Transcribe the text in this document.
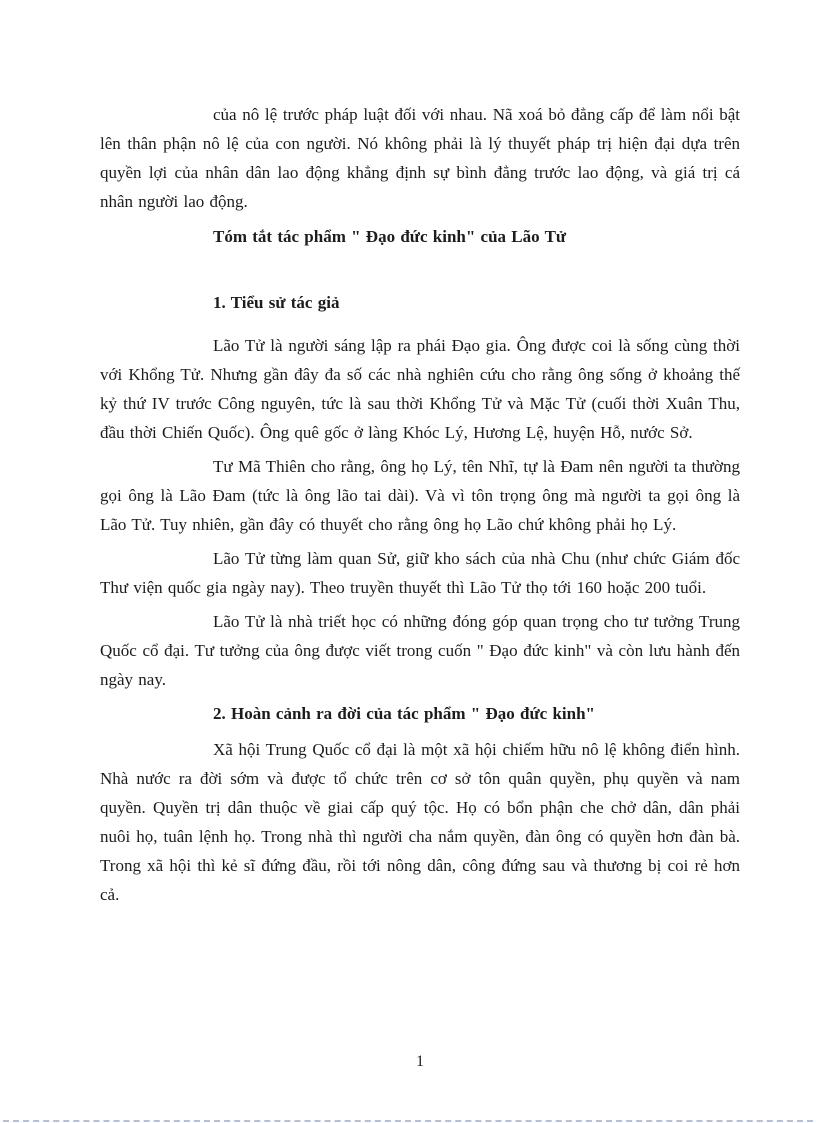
của nô lệ trước pháp luật đối với nhau. Nã xoá bỏ đẳng cấp để làm nổi bật lên thân phận nô lệ của con người. Nó không phải là lý thuyết pháp trị hiện đại dựa trên quyền lợi của nhân dân lao động khẳng định sự bình đẳng trước lao động, và giá trị cá nhân người lao động.

Tóm tắt tác phẩm " Đạo đức kinh" của Lão Tử

1. Tiểu sử tác giả

Lão Tử là người sáng lập ra phái Đạo gia. Ông được coi là sống cùng thời với Khổng Tử. Nhưng gần đây đa số các nhà nghiên cứu cho rằng ông sống ở khoảng thế kỷ thứ IV trước Công nguyên, tức là sau thời Khổng Tử và Mặc Tử (cuối thời Xuân Thu, đầu thời Chiến Quốc). Ông quê gốc ở làng Khóc Lý, Hương Lệ, huyện Hỗ, nước Sở.

Tư Mã Thiên cho rằng, ông họ Lý, tên Nhĩ, tự là Đam nên người ta thường gọi ông là Lão Đam (tức là ông lão tai dài). Và vì tôn trọng ông mà người ta gọi ông là Lão Tử. Tuy nhiên, gần đây có thuyết cho rằng ông họ Lão chứ không phải họ Lý.

Lão Tử từng làm quan Sử, giữ kho sách của nhà Chu (như chức Giám đốc Thư viện quốc gia ngày nay). Theo truyền thuyết thì Lão Tử thọ tới 160 hoặc 200 tuổi.

Lão Tử là nhà triết học có những đóng góp quan trọng cho tư tưởng Trung Quốc cổ đại. Tư tưởng của ông được viết trong cuốn " Đạo đức kinh" và còn lưu hành đến ngày nay.

2. Hoàn cảnh ra đời của tác phẩm " Đạo đức kinh"

Xã hội Trung Quốc cổ đại là một xã hội chiếm hữu nô lệ không điển hình. Nhà nước ra đời sớm và được tổ chức trên cơ sở tôn quân quyền, phụ quyền và nam quyền. Quyền trị dân thuộc về giai cấp quý tộc. Họ có bổn phận che chở dân, dân phải nuôi họ, tuân lệnh họ. Trong nhà thì người cha nắm quyền, đàn ông có quyền hơn đàn bà. Trong xã hội thì kẻ sĩ đứng đầu, rồi tới nông dân, công đứng sau và thương bị coi rẻ hơn cả.

1
